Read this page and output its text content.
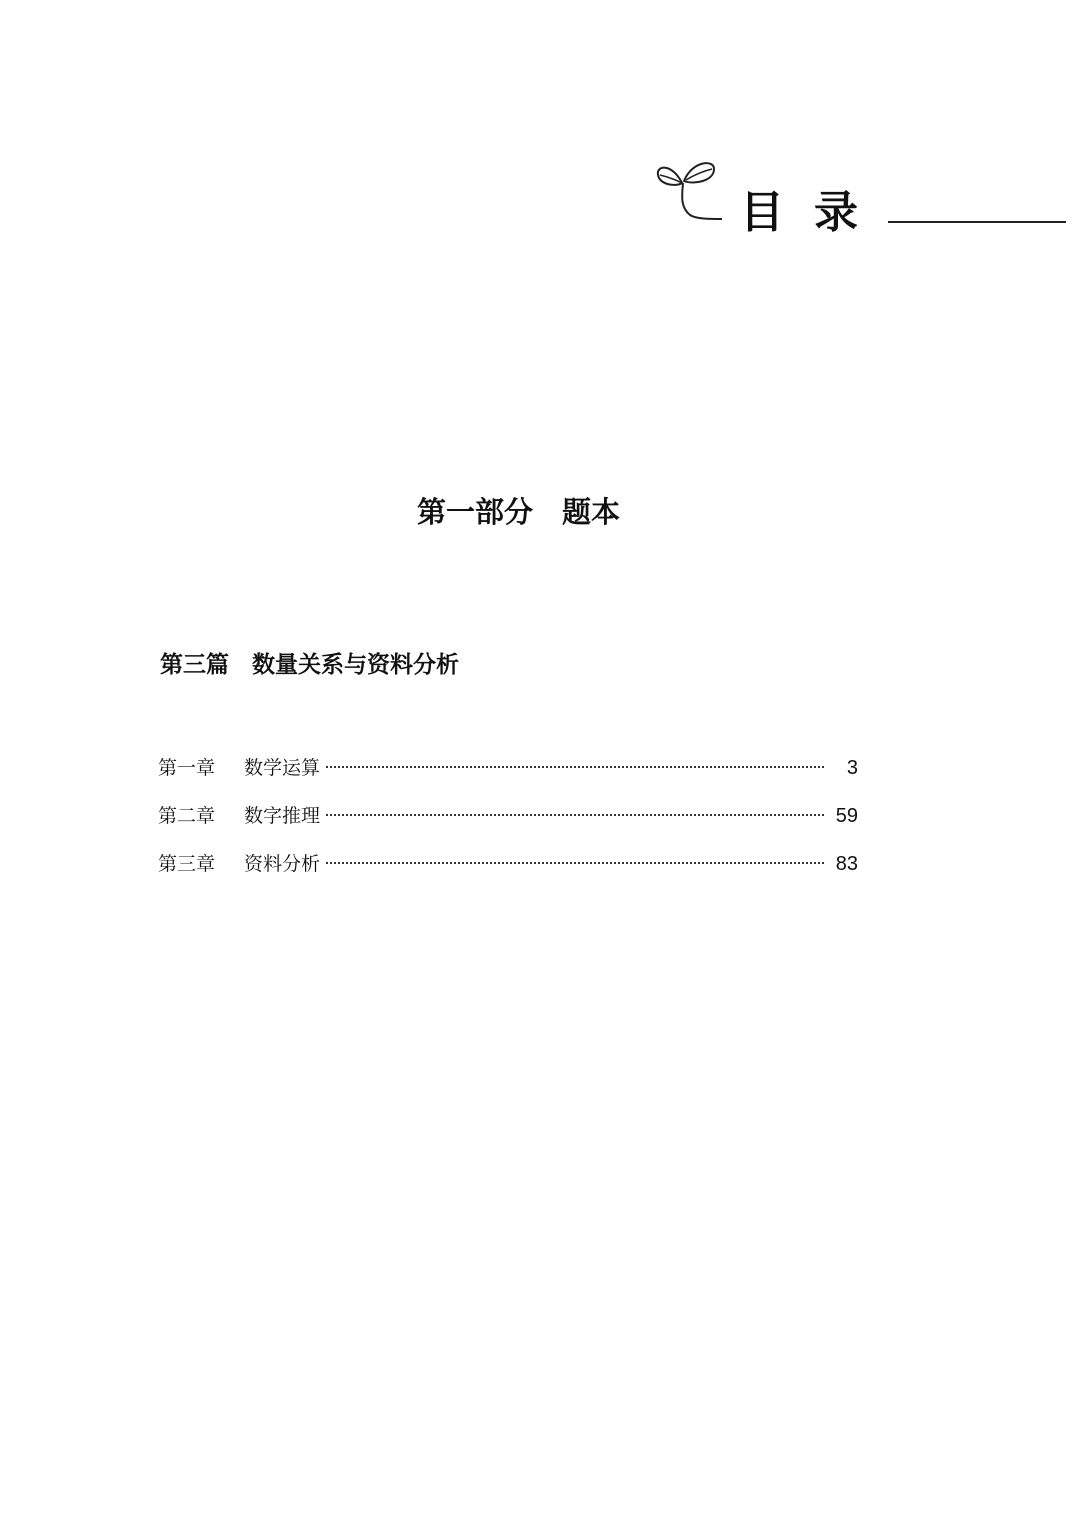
目录
第一部分　题本
第三篇　数量关系与资料分析
第一章	数学运算	3
第二章	数字推理	59
第三章	资料分析	83
